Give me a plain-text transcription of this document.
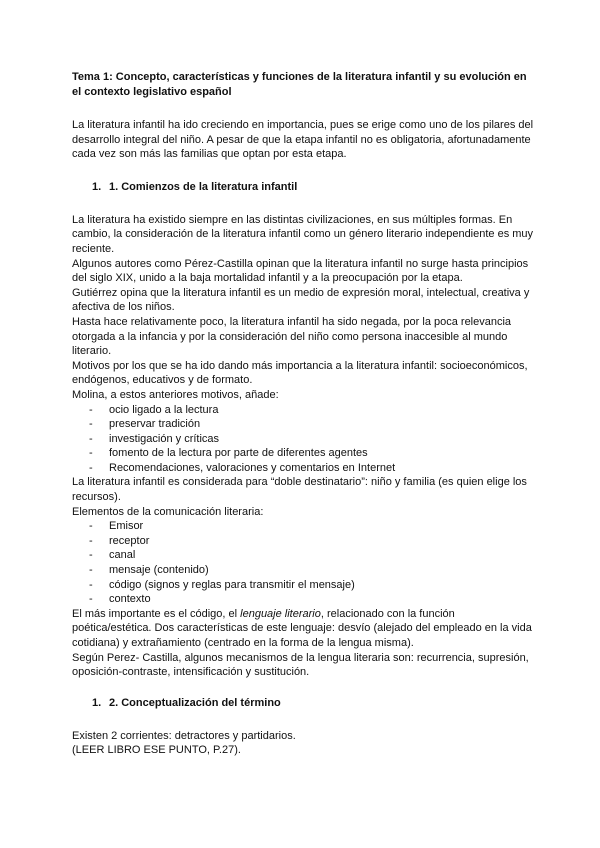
Tema 1: Concepto, características y funciones de la literatura infantil y su evolución en el contexto legislativo español

La literatura infantil ha ido creciendo en importancia, pues se erige como uno de los pilares del desarrollo integral del niño. A pesar de que la etapa infantil no es obligatoria, afortunadamente cada vez son más las familias que optan por esta etapa.

1. 1. Comienzos de la literatura infantil

La literatura ha existido siempre en las distintas civilizaciones, en sus múltiples formas. En cambio, la consideración de la literatura infantil como un género literario independiente es muy reciente.

Algunos autores como Pérez-Castilla opinan que la literatura infantil no surge hasta principios del siglo XIX, unido a la baja mortalidad infantil y a la preocupación por la etapa.

Gutiérrez opina que la literatura infantil es un medio de expresión moral, intelectual, creativa y afectiva de los niños.

Hasta hace relativamente poco, la literatura infantil ha sido negada, por la poca relevancia otorgada a la infancia y por la consideración del niño como persona inaccesible al mundo literario.

Motivos por los que se ha ido dando más importancia a la literatura infantil: socioeconómicos, endógenos, educativos y de formato.

Molina, a estos anteriores motivos, añade:

- ocio ligado a la lectura
- preservar tradición
- investigación y críticas
- fomento de la lectura por parte de diferentes agentes
- Recomendaciones, valoraciones y comentarios en Internet

La literatura infantil es considerada para “doble destinatario”: niño y familia (es quien elige los recursos).

Elementos de la comunicación literaria:

- Emisor
- receptor
- canal
- mensaje (contenido)
- código (signos y reglas para transmitir el mensaje)
- contexto

El más importante es el código, el lenguaje literario, relacionado con la función poética/estética. Dos características de este lenguaje: desvío (alejado del empleado en la vida cotidiana) y extrañamiento (centrado en la forma de la lengua misma).

Según Perez- Castilla, algunos mecanismos de la lengua literaria son: recurrencia, supresión, oposición-contraste, intensificación y sustitución.

1. 2. Conceptualización del término

Existen 2 corrientes: detractores y partidarios.

(LEER LIBRO ESE PUNTO, P.27).
